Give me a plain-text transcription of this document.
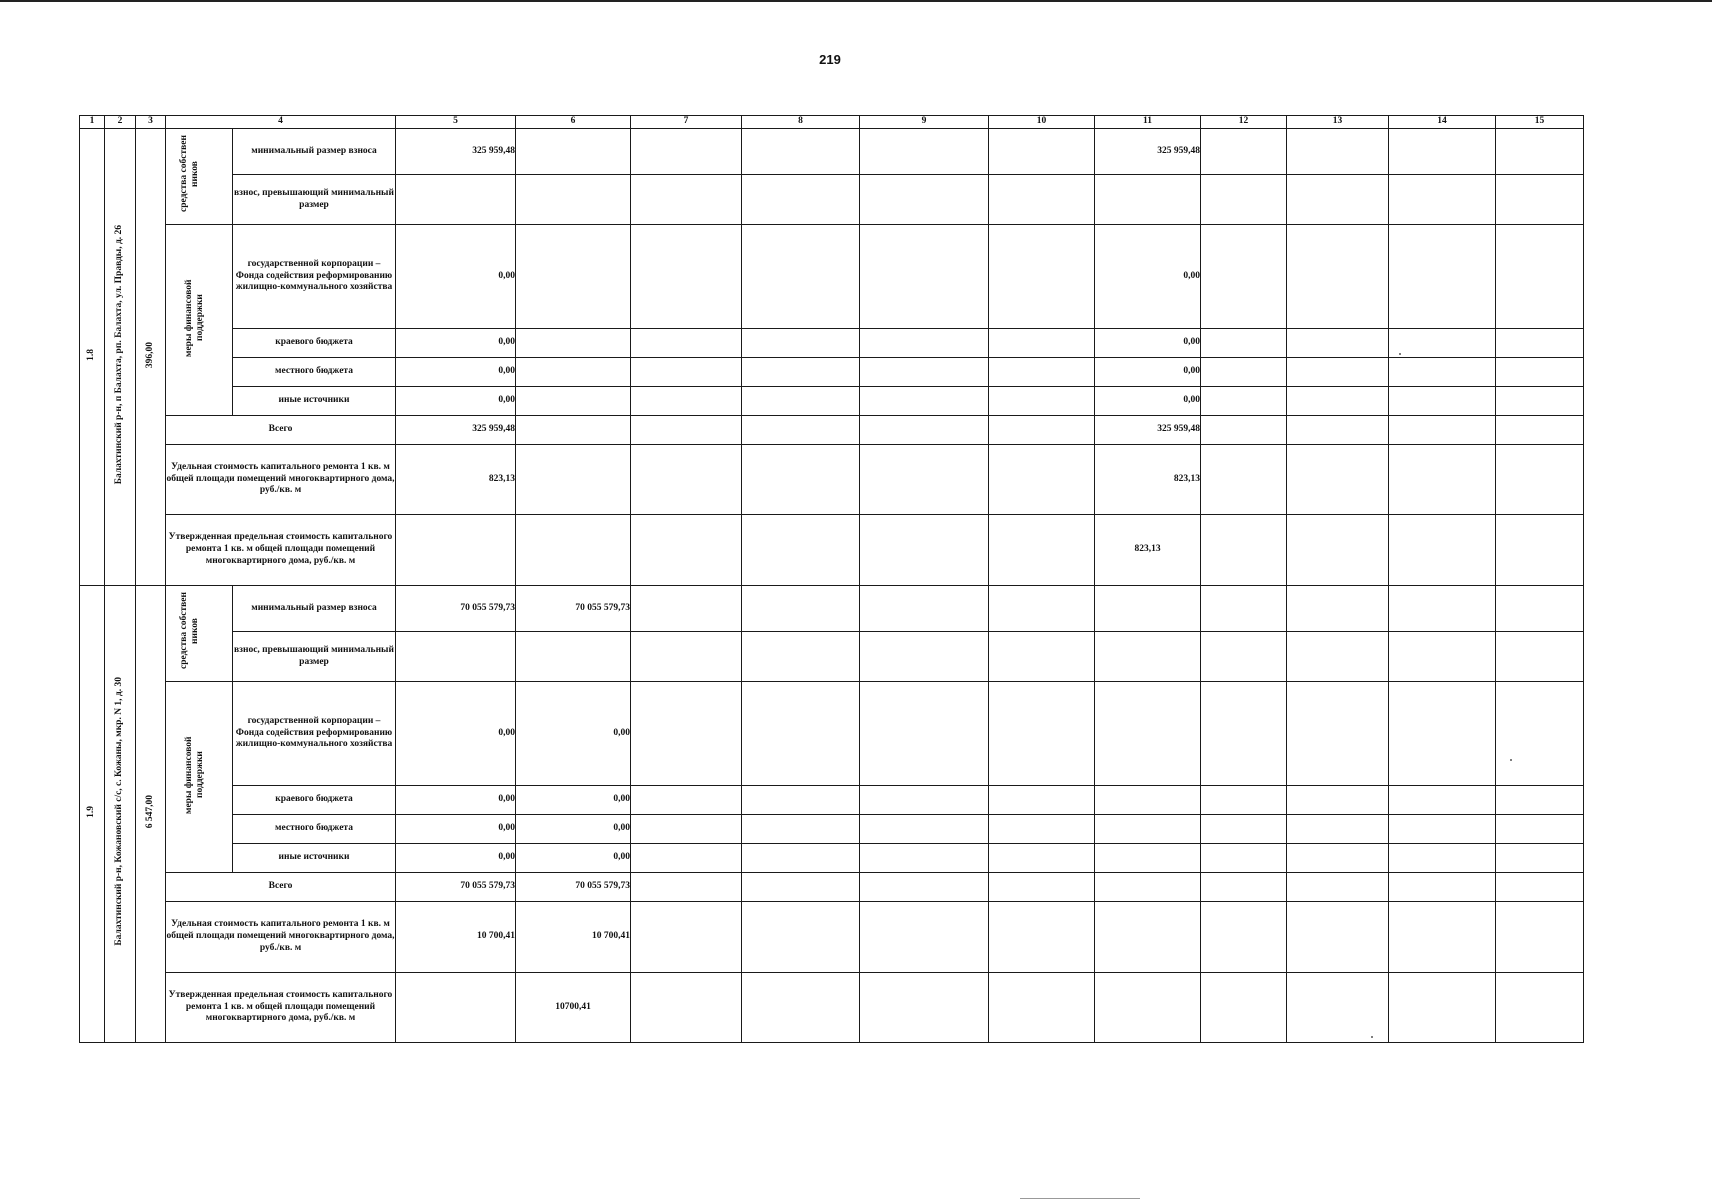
219
1	2	3	4		5	6	7	8	9	10	11	12	13	14	15
1.8	Балахтинский р-н, п Балахта, рп. Балахта, ул. Правды, д. 26	396,00	средства собствен ников	минимальный размер взноса	325 959,48						325 959,48				
				взнос, превышающий минимальный размер											
			меры финансовой поддержки	государственной корпорации – Фонда содействия реформированию жилищно-коммунального хозяйства	0,00						0,00				
				краевого бюджета	0,00						0,00				
				местного бюджета	0,00						0,00				
				иные источники	0,00						0,00				
			Всего		325 959,48						325 959,48				
			Удельная стоимость капитального ремонта 1 кв. м общей площади помещений многоквартирного дома, руб./кв. м		823,13						823,13				
			Утвержденная предельная стоимость капитального ремонта 1 кв. м общей площади помещений многоквартирного дома, руб./кв. м								823,13				
1.9	Балахтинский р-н, Кожановский с/с, с. Кожаны, мкр. N 1, д. 30	6 547,00	средства собствен ников	минимальный размер взноса	70 055 579,73	70 055 579,73									
				взнос, превышающий минимальный размер											
			меры финансовой поддержки	государственной корпорации – Фонда содействия реформированию жилищно-коммунального хозяйства	0,00	0,00									
				краевого бюджета	0,00	0,00									
				местного бюджета	0,00	0,00									
				иные источники	0,00	0,00									
			Всего		70 055 579,73	70 055 579,73									
			Удельная стоимость капитального ремонта 1 кв. м общей площади помещений многоквартирного дома, руб./кв. м		10 700,41	10 700,41									
			Утвержденная предельная стоимость капитального ремонта 1 кв. м общей площади помещений многоквартирного дома, руб./кв. м			10700,41									
